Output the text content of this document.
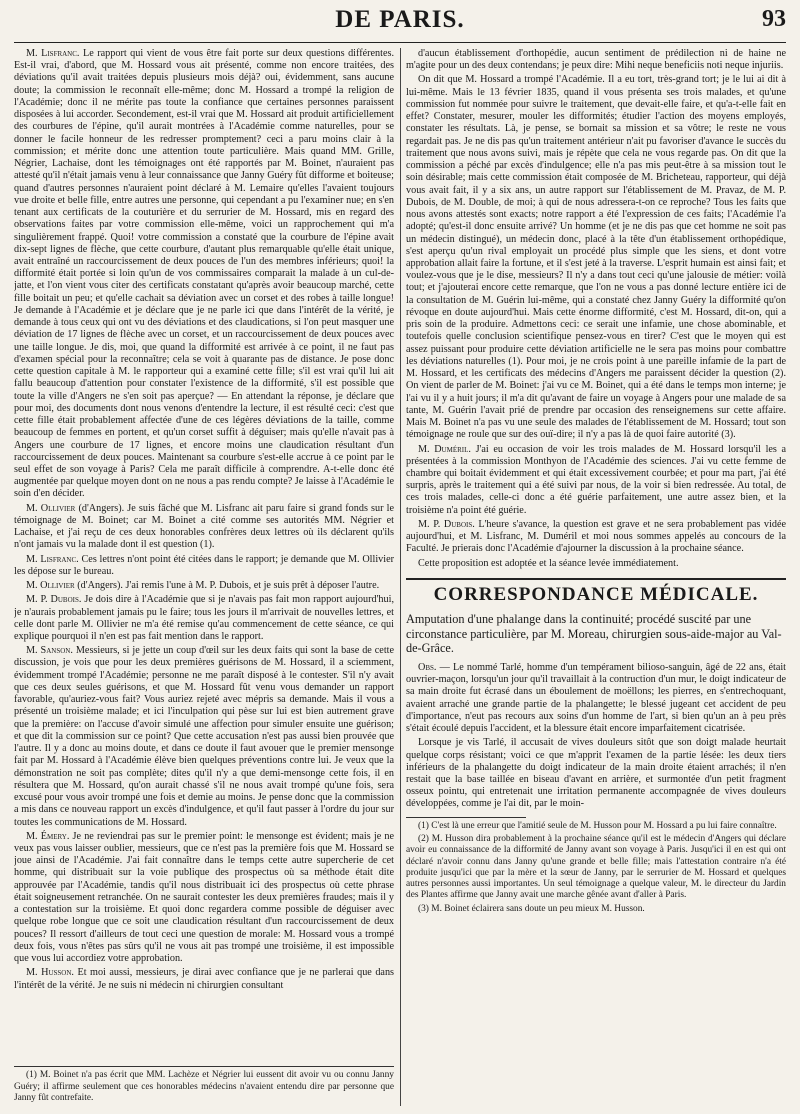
DE PARIS.	93

M. Lisfranc. Le rapport qui vient de vous être fait porte sur deux questions différentes. Est-il vrai, d'abord, que M. Hossard vous ait présenté, comme non encore traitées, des déviations qu'il avait traitées depuis plusieurs mois déjà? oui, évidemment, sans aucune doute; la commission le reconnaît elle-même; donc M. Hossard a trompé la religion de l'Académie; donc il ne mérite pas toute la confiance que certaines personnes paraissent disposées à lui accorder. Secondement, est-il vrai que M. Hossard ait produit artificiellement des courbures de l'épine, qu'il aurait montrées à l'Académie comme naturelles, pour se donner le facile honneur de les redresser promptement? ceci a paru moins clair à la commission; et mérite donc une attention toute particulière. Mais quand MM. Grille, Négrier, Lachaise, dont les témoignages ont été rapportés par M. Boinet, n'auraient pas attesté qu'il n'était jamais venu à leur connaissance que Janny Guéry fût difforme et boiteuse; quand d'autres personnes n'auraient point déclaré à M. Lemaire qu'elles l'avaient toujours vue droite et belle fille, entre autres une personne, qui cependant a pu l'examiner nue; en s'en tenant aux certificats de la couturière et du serrurier de M. Hossard, mis en regard des observations faites par votre commission elle-même, voici un rapprochement qui m'a singulièrement frappé. Quoi! votre commission a constaté que la courbure de l'épine avait dix-sept lignes de flèche, que cette courbure, d'autant plus remarquable qu'elle était unique, avait entraîné un raccourcissement de deux pouces de l'un des membres inférieurs; quoi! la difformité était portée si loin qu'un de vos commissaires comparait la malade à un cul-de-jatte, et l'on vient vous citer des certificats constatant qu'après avoir beaucoup marché, cette fille boitait un peu; et qu'elle cachait sa déviation avec un corset et des robes à taille longue! Je demande à l'Académie et je déclare que je ne parle ici que dans l'intérêt de la vérité, je demande à tous ceux qui ont vu des déviations et des claudications, si l'on peut masquer une déviation de 17 lignes de flèche avec un corset, et un raccourcissement de deux pouces avec une taille longue. Je dis, moi, que quand la difformité est arrivée à ce point, il ne faut pas d'examen spécial pour la reconnaître; cela se voit à quarante pas de distance. Je pose donc cette question capitale à M. le rapporteur qui a examiné cette fille; s'il est vrai qu'il lui ait fallu beaucoup d'attention pour constater l'existence de la difformité, s'il est possible que toute la ville d'Angers ne s'en soit pas aperçue? — En attendant la réponse, je déclare que pour moi, des documents dont nous venons d'entendre la lecture, il est résulté ceci: c'est que cette fille était probablement affectée d'une de ces légères déviations de la taille, comme beaucoup de femmes en portent, et qu'un corset suffit à déguiser; mais qu'elle n'avait pas à Angers une courbure de 17 lignes, et encore moins une claudication résultant d'un raccourcissement de deux pouces. Maintenant sa courbure s'est-elle accrue à ce point par le seul effet de son voyage à Paris? Cela me paraît difficile à comprendre. A-t-elle donc été augmentée par quelque moyen dont on ne nous a pas rendu compte? Je laisse à l'Académie le soin d'en décider.

M. Ollivier (d'Angers). Je suis fâché que M. Lisfranc ait paru faire si grand fonds sur le témoignage de M. Boinet; car M. Boinet a cité comme ses autorités MM. Négrier et Lachaise, et j'ai reçu de ces deux honorables confrères deux lettres où ils déclarent qu'ils n'ont jamais vu la malade dont il est question (1).

M. Lisfranc. Ces lettres n'ont point été citées dans le rapport; je demande que M. Ollivier les dépose sur le bureau.

M. Ollivier (d'Angers). J'ai remis l'une à M. P. Dubois, et je suis prêt à déposer l'autre.

M. P. Dubois. Je dois dire à l'Académie que si je n'avais pas fait mon rapport aujourd'hui, je n'aurais probablement jamais pu le faire; tous les jours il m'arrivait de nouvelles lettres, et celle dont parle M. Ollivier ne m'a été remise qu'au commencement de cette séance, ce qui explique pourquoi il n'en est pas fait mention dans le rapport.

M. Sanson. Messieurs, si je jette un coup d'œil sur les deux faits qui sont la base de cette discussion, je vois que pour les deux premières guérisons de M. Hossard, il a sciemment, évidemment trompé l'Académie; personne ne me paraît disposé à le contester. S'il n'y avait que ces deux seules guérisons, et que M. Hossard fût venu vous demander un rapport favorable, qu'auriez-vous fait? Vous auriez rejeté avec mépris sa demande. Mais il vous a présenté un troisième malade; et ici l'inculpation qui pèse sur lui est bien autrement grave que la première: on l'accuse d'avoir simulé une affection pour simuler ensuite une guérison; et que dit la commission sur ce point? Que cette accusation n'est pas aussi bien prouvée que l'autre. Il y a donc au moins doute, et dans ce doute il faut avouer que le premier mensonge fait par M. Hossard à l'Académie élève bien quelques préventions contre lui. Je veux que la démonstration ne soit pas complète; dites qu'il n'y a que demi-mensonge cette fois, il en résultera que M. Hossard, qu'on aurait chassé s'il ne nous avait trompé qu'une fois, sera excusé pour vous avoir trompé une fois et demie au moins. Je pense donc que la commission a mis dans ce nouveau rapport un excès d'indulgence, et qu'il faut passer à l'ordre du jour sur toutes les communications de M. Hossard.

M. Émery. Je ne reviendrai pas sur le premier point: le mensonge est évident; mais je ne veux pas vous laisser oublier, messieurs, que ce n'est pas la première fois que M. Hossard se joue ainsi de l'Académie. J'ai fait connaître dans le temps cette autre supercherie de cet homme, qui distribuait sur la voie publique des prospectus où sa méthode était dite approuvée par l'Académie, tandis qu'il nous distribuait ici des prospectus où cette phrase était soigneusement retranchée. On ne saurait contester les deux premières fraudes; mais il y a contestation sur la troisième. Et quoi donc regardera comme possible de déguiser avec quelque robe longue que ce soit une claudication résultant d'un raccourcissement de deux pouces? Il ressort d'ailleurs de tout ceci une question de morale: M. Hossard vous a trompé deux fois, vous n'êtes pas sûrs qu'il ne vous ait pas trompé une troisième, il est impossible que vous lui accordiez votre approbation.

M. Husson. Et moi aussi, messieurs, je dirai avec confiance que je ne parlerai que dans l'intérêt de la vérité. Je ne suis ni médecin ni chirurgien consultant

(1) M. Boinet n'a pas écrit que MM. Lachèze et Négrier lui eussent dit avoir vu ou connu Janny Guéry; il affirme seulement que ces honorables médecins n'avaient entendu dire par personne que Janny fût contrefaite.

d'aucun établissement d'orthopédie, aucun sentiment de prédilection ni de haine ne m'agite pour un des deux contendans; je peux dire: Mihi neque beneficiis noti neque injuriis.

On dit que M. Hossard a trompé l'Académie. Il a eu tort, très-grand tort; je le lui ai dit à lui-même. Mais le 13 février 1835, quand il vous présenta ses trois malades, et qu'une commission fut nommée pour suivre le traitement, que devait-elle faire, et qu'a-t-elle fait en effet? Constater, mesurer, mouler les difformités; étudier l'action des moyens employés, constater les résultats. Là, je pense, se bornait sa mission et sa vôtre; le reste ne vous regardait pas. Je ne dis pas qu'un traitement antérieur n'ait pu favoriser d'avance le succès du traitement que nous avons suivi, mais je répète que cela ne vous regarde pas. On dit que la commission a péché par excès d'indulgence; elle n'a pas mis peut-être à sa mission tout le soin désirable; mais cette commission était composée de M. Bricheteau, rapporteur, qui déjà vous avait fait, il y a six ans, un autre rapport sur l'établissement de M. Pravaz, de M. P. Dubois, de M. Double, de moi; à qui de nous adressera-t-on ce reproche? Tous les faits que nous avons attestés sont exacts; notre rapport a été l'expression de ces faits; l'Académie l'a adopté; qu'est-il donc ensuite arrivé? Un homme (et je ne dis pas que cet homme ne soit pas un médecin distingué), un médecin donc, placé à la tête d'un établissement orthopédique, s'est aperçu qu'un rival employait un procédé plus simple que les siens, et dont votre approbation allait faire la fortune, et il s'est jeté à la traverse. L'esprit humain est ainsi fait; et voulez-vous que je le dise, messieurs? Il n'y a dans tout ceci qu'une jalousie de métier: voilà tout; et j'ajouterai encore cette remarque, que l'on ne vous a pas donné lecture entière ici de la consultation de M. Guérin lui-même, qui a constaté chez Janny Guéry la difformité qu'on révoque en doute aujourd'hui. Mais cette énorme difformité, c'est M. Hossard, dit-on, qui a pris soin de la produire. Admettons ceci: ce serait une infamie, une chose abominable, et toutefois quelle conclusion scientifique pensez-vous en tirer? C'est que le moyen qui est assez puissant pour produire cette déviation artificielle ne le sera pas moins pour combattre les déviations naturelles (1). Pour moi, je ne crois point à une pareille infamie de la part de M. Hossard, et les certificats des médecins d'Angers me paraissent décider la question (2). On vient de parler de M. Boinet: j'ai vu ce M. Boinet, qui a été dans le temps mon interne; je l'ai vu il y a huit jours; il m'a dit qu'avant de faire un voyage à Angers pour une malade de sa tante, M. Guérin l'avait prié de prendre par occasion des renseignemens sur cette affaire. Mais M. Boinet n'a pas vu une seule des malades de l'établissement de M. Hossard; tout son témoignage ne roule que sur des ouï-dire; il n'y a pas là de quoi faire autorité (3).

M. Duméril. J'ai eu occasion de voir les trois malades de M. Hossard lorsqu'il les a présentées à la commission Monthyon de l'Académie des sciences. J'ai vu cette femme de chambre qui boitait évidemment et qui était excessivement courbée; et pour ma part, j'ai été surpris, après le traitement qui a été suivi par nous, de la voir si bien redressée. Au total, de ces trois malades, celle-ci donc a été guérie parfaitement, une autre assez bien, et la troisième n'a point été guérie.

M. P. Dubois. L'heure s'avance, la question est grave et ne sera probablement pas vidée aujourd'hui, et M. Lisfranc, M. Duméril et moi nous sommes appelés au concours de la Faculté. Je prierais donc l'Académie d'ajourner la discussion à la prochaine séance.

Cette proposition est adoptée et la séance levée immédiatement.

CORRESPONDANCE MÉDICALE.

Amputation d'une phalange dans la continuité; procédé suscité par une circonstance particulière, par M. Moreau, chirurgien sous-aide-major au Val-de-Grâce.

Obs. — Le nommé Tarlé, homme d'un tempérament bilioso-sanguin, âgé de 22 ans, était ouvrier-maçon, lorsqu'un jour qu'il travaillait à la contruction d'un mur, le doigt indicateur de sa main droite fut écrasé dans un éboulement de moëllons; les pierres, en s'entrechoquant, avaient arraché une grande partie de la phalangette; le blessé jugeant cet accident de peu d'importance, n'eut pas recours aux soins d'un homme de l'art, si bien qu'un an à peu près s'était écoulé depuis l'accident, et la blessure était encore imparfaitement cicatrisée.

Lorsque je vis Tarlé, il accusait de vives douleurs sitôt que son doigt malade heurtait quelque corps résistant; voici ce que m'apprit l'examen de la partie lésée: les deux tiers inférieurs de la phalangette du doigt indicateur de la main droite étaient arrachés; il n'en restait que la base taillée en biseau d'avant en arrière, et surmontée d'un petit fragment osseux pointu, qui entretenait une irritation permanente accompagnée de vives douleurs développées, comme je l'ai dit, par le moin-

(1) C'est là une erreur que l'amitié seule de M. Husson pour M. Hossard a pu lui faire connaître.

(2) M. Husson dira probablement à la prochaine séance qu'il est le médecin d'Angers qui déclare avoir eu connaissance de la difformité de Janny avant son voyage à Paris. Jusqu'ici il en est qui ont déclaré n'avoir connu dans Janny qu'une grande et belle fille; mais l'attestation contraire n'a été produite jusqu'ici que par la mère et la sœur de Janny, par le serrurier de M. Hossard et quelques autres personnes aussi importantes. Un seul témoignage a quelque valeur, M. le directeur du Jardin des Plantes affirme que Janny avait une marche gênée avant d'aller à Paris.

(3) M. Boinet éclairera sans doute un peu mieux M. Husson.
